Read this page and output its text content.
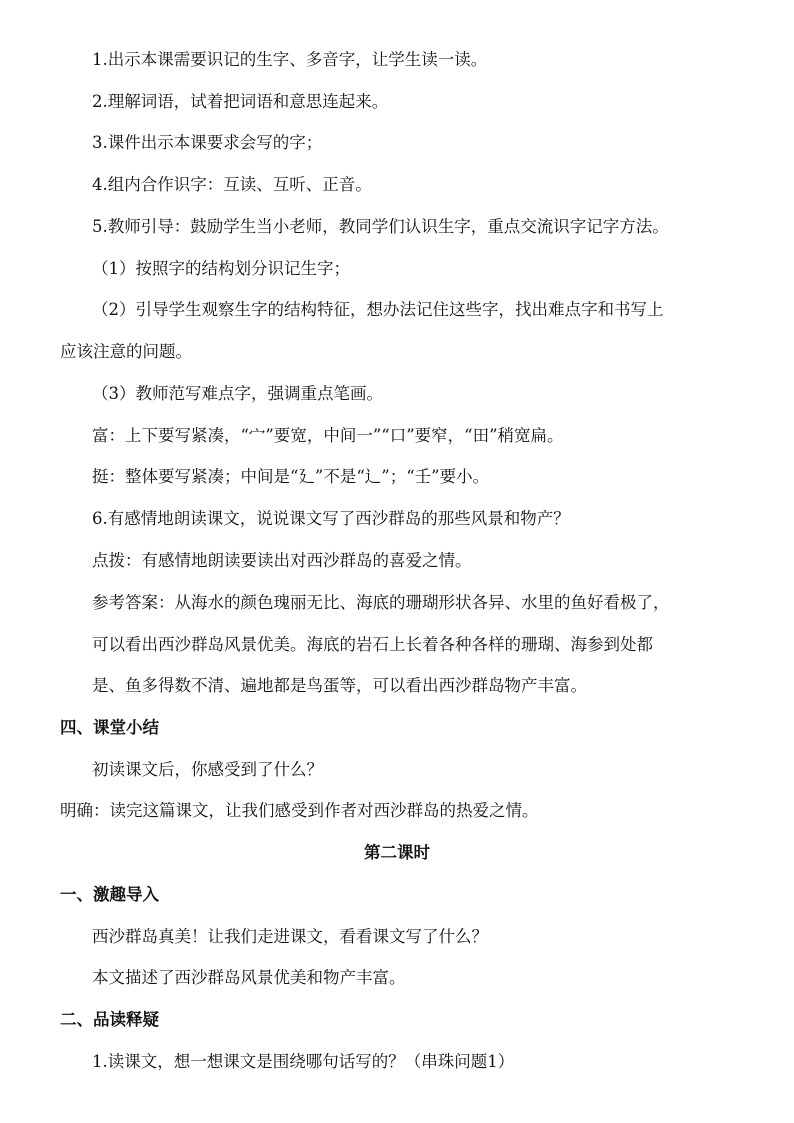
1.出示本课需要识记的生字、多音字，让学生读一读。
2.理解词语，试着把词语和意思连起来。
3.课件出示本课要求会写的字；
4.组内合作识字：互读、互听、正音。
5.教师引导：鼓励学生当小老师，教同学们认识生字，重点交流识字记字方法。
（1）按照字的结构划分识记生字；
（2）引导学生观察生字的结构特征，想办法记住这些字，找出难点字和书写上
应该注意的问题。
（3）教师范写难点字，强调重点笔画。
富：上下要写紧凑，“宀”要宽，中间一”“口”要窄，“田”稍宽扁。
挺：整体要写紧凑；中间是“廴”不是“辶”；“壬”要小。
6.有感情地朗读课文，说说课文写了西沙群岛的那些风景和物产？
点拨：有感情地朗读要读出对西沙群岛的喜爱之情。
参考答案：从海水的颜色瑰丽无比、海底的珊瑚形状各异、水里的鱼好看极了，
可以看出西沙群岛风景优美。海底的岩石上长着各种各样的珊瑚、海参到处都
是、鱼多得数不清、遍地都是鸟蛋等，可以看出西沙群岛物产丰富。
四、课堂小结
初读课文后，你感受到了什么？
明确：读完这篇课文，让我们感受到作者对西沙群岛的热爱之情。
第二课时
一、激趣导入
西沙群岛真美！让我们走进课文，看看课文写了什么？
本文描述了西沙群岛风景优美和物产丰富。
二、品读释疑
1.读课文，想一想课文是围绕哪句话写的？（串珠问题1）
